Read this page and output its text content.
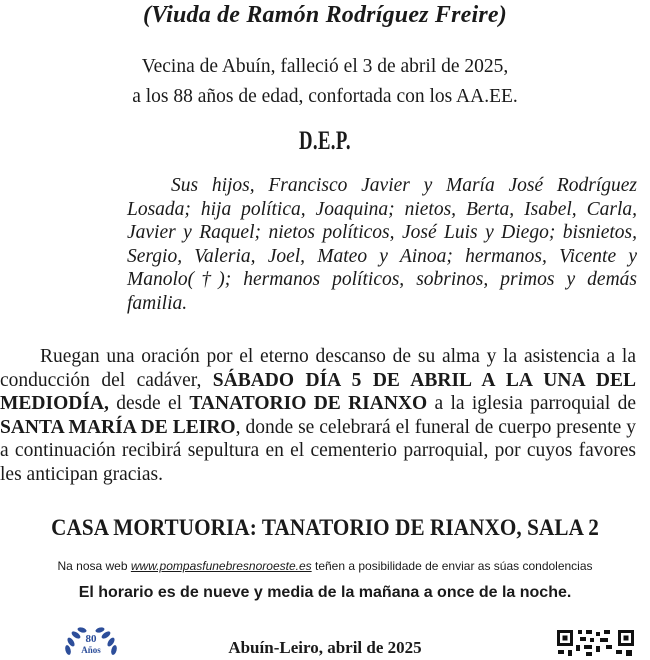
(Viuda de Ramón Rodríguez Freire)
Vecina de Abuín, falleció el 3 de abril de 2025,
a los 88 años de edad, confortada con los AA.EE.
D.E.P.
Sus hijos, Francisco Javier y María José Rodríguez Losada; hija política, Joaquina; nietos, Berta, Isabel, Carla, Javier y Raquel; nietos políticos, José Luis y Diego; bisnietos, Sergio, Valeria, Joel, Mateo y Ainoa; hermanos, Vicente y Manolo(†); hermanos políticos, sobrinos, primos y demás familia.
Ruegan una oración por el eterno descanso de su alma y la asistencia a la conducción del cadáver, SÁBADO DÍA 5 DE ABRIL A LA UNA DEL MEDIODÍA, desde el TANATORIO DE RIANXO a la iglesia parroquial de SANTA MARÍA DE LEIRO, donde se celebrará el funeral de cuerpo presente y a continuación recibirá sepultura en el cementerio parroquial, por cuyos favores les anticipan gracias.
CASA MORTUORIA: TANATORIO DE RIANXO, SALA 2
Na nosa web www.pompasfunebresnoroeste.es teñen a posibilidade de enviar as súas condolencias
El horario es de nueve y media de la mañana a once de la noche.
80
Años	Abuín-Leiro, abril de 2025
